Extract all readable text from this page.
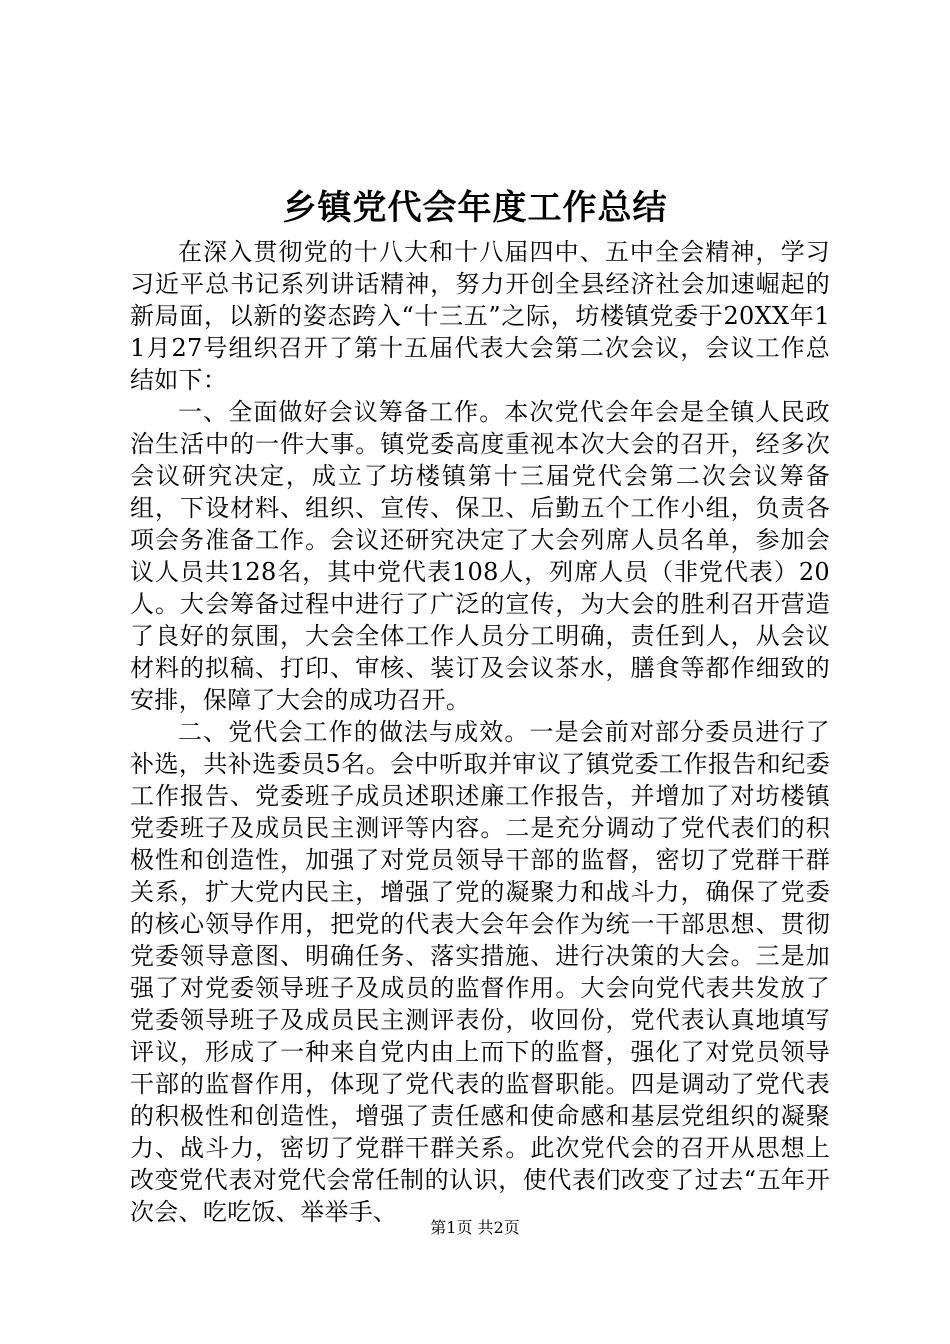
乡镇党代会年度工作总结

在深入贯彻党的十八大和十八届四中、五中全会精神，学习习近平总书记系列讲话精神，努力开创全县经济社会加速崛起的新局面，以新的姿态跨入“十三五”之际，坊楼镇党委于20XX年11月27号组织召开了第十五届代表大会第二次会议，会议工作总结如下：

一、全面做好会议筹备工作。本次党代会年会是全镇人民政治生活中的一件大事。镇党委高度重视本次大会的召开，经多次会议研究决定，成立了坊楼镇第十三届党代会第二次会议筹备组，下设材料、组织、宣传、保卫、后勤五个工作小组，负责各项会务准备工作。会议还研究决定了大会列席人员名单，参加会议人员共128名，其中党代表108人，列席人员（非党代表）20人。大会筹备过程中进行了广泛的宣传，为大会的胜利召开营造了良好的氛围，大会全体工作人员分工明确，责任到人，从会议材料的拟稿、打印、审核、装订及会议茶水，膳食等都作细致的安排，保障了大会的成功召开。

二、党代会工作的做法与成效。一是会前对部分委员进行了补选，共补选委员5名。会中听取并审议了镇党委工作报告和纪委工作报告、党委班子成员述职述廉工作报告，并增加了对坊楼镇党委班子及成员民主测评等内容。二是充分调动了党代表们的积极性和创造性，加强了对党员领导干部的监督，密切了党群干群关系，扩大党内民主，增强了党的凝聚力和战斗力，确保了党委的核心领导作用，把党的代表大会年会作为统一干部思想、贯彻党委领导意图、明确任务、落实措施、进行决策的大会。三是加强了对党委领导班子及成员的监督作用。大会向党代表共发放了党委领导班子及成员民主测评表份，收回份，党代表认真地填写评议，形成了一种来自党内由上而下的监督，强化了对党员领导干部的监督作用，体现了党代表的监督职能。四是调动了党代表的积极性和创造性，增强了责任感和使命感和基层党组织的凝聚力、战斗力，密切了党群干群关系。此次党代会的召开从思想上改变党代表对党代会常任制的认识，使代表们改变了过去“五年开次会、吃吃饭、举举手、

第1页 共2页
